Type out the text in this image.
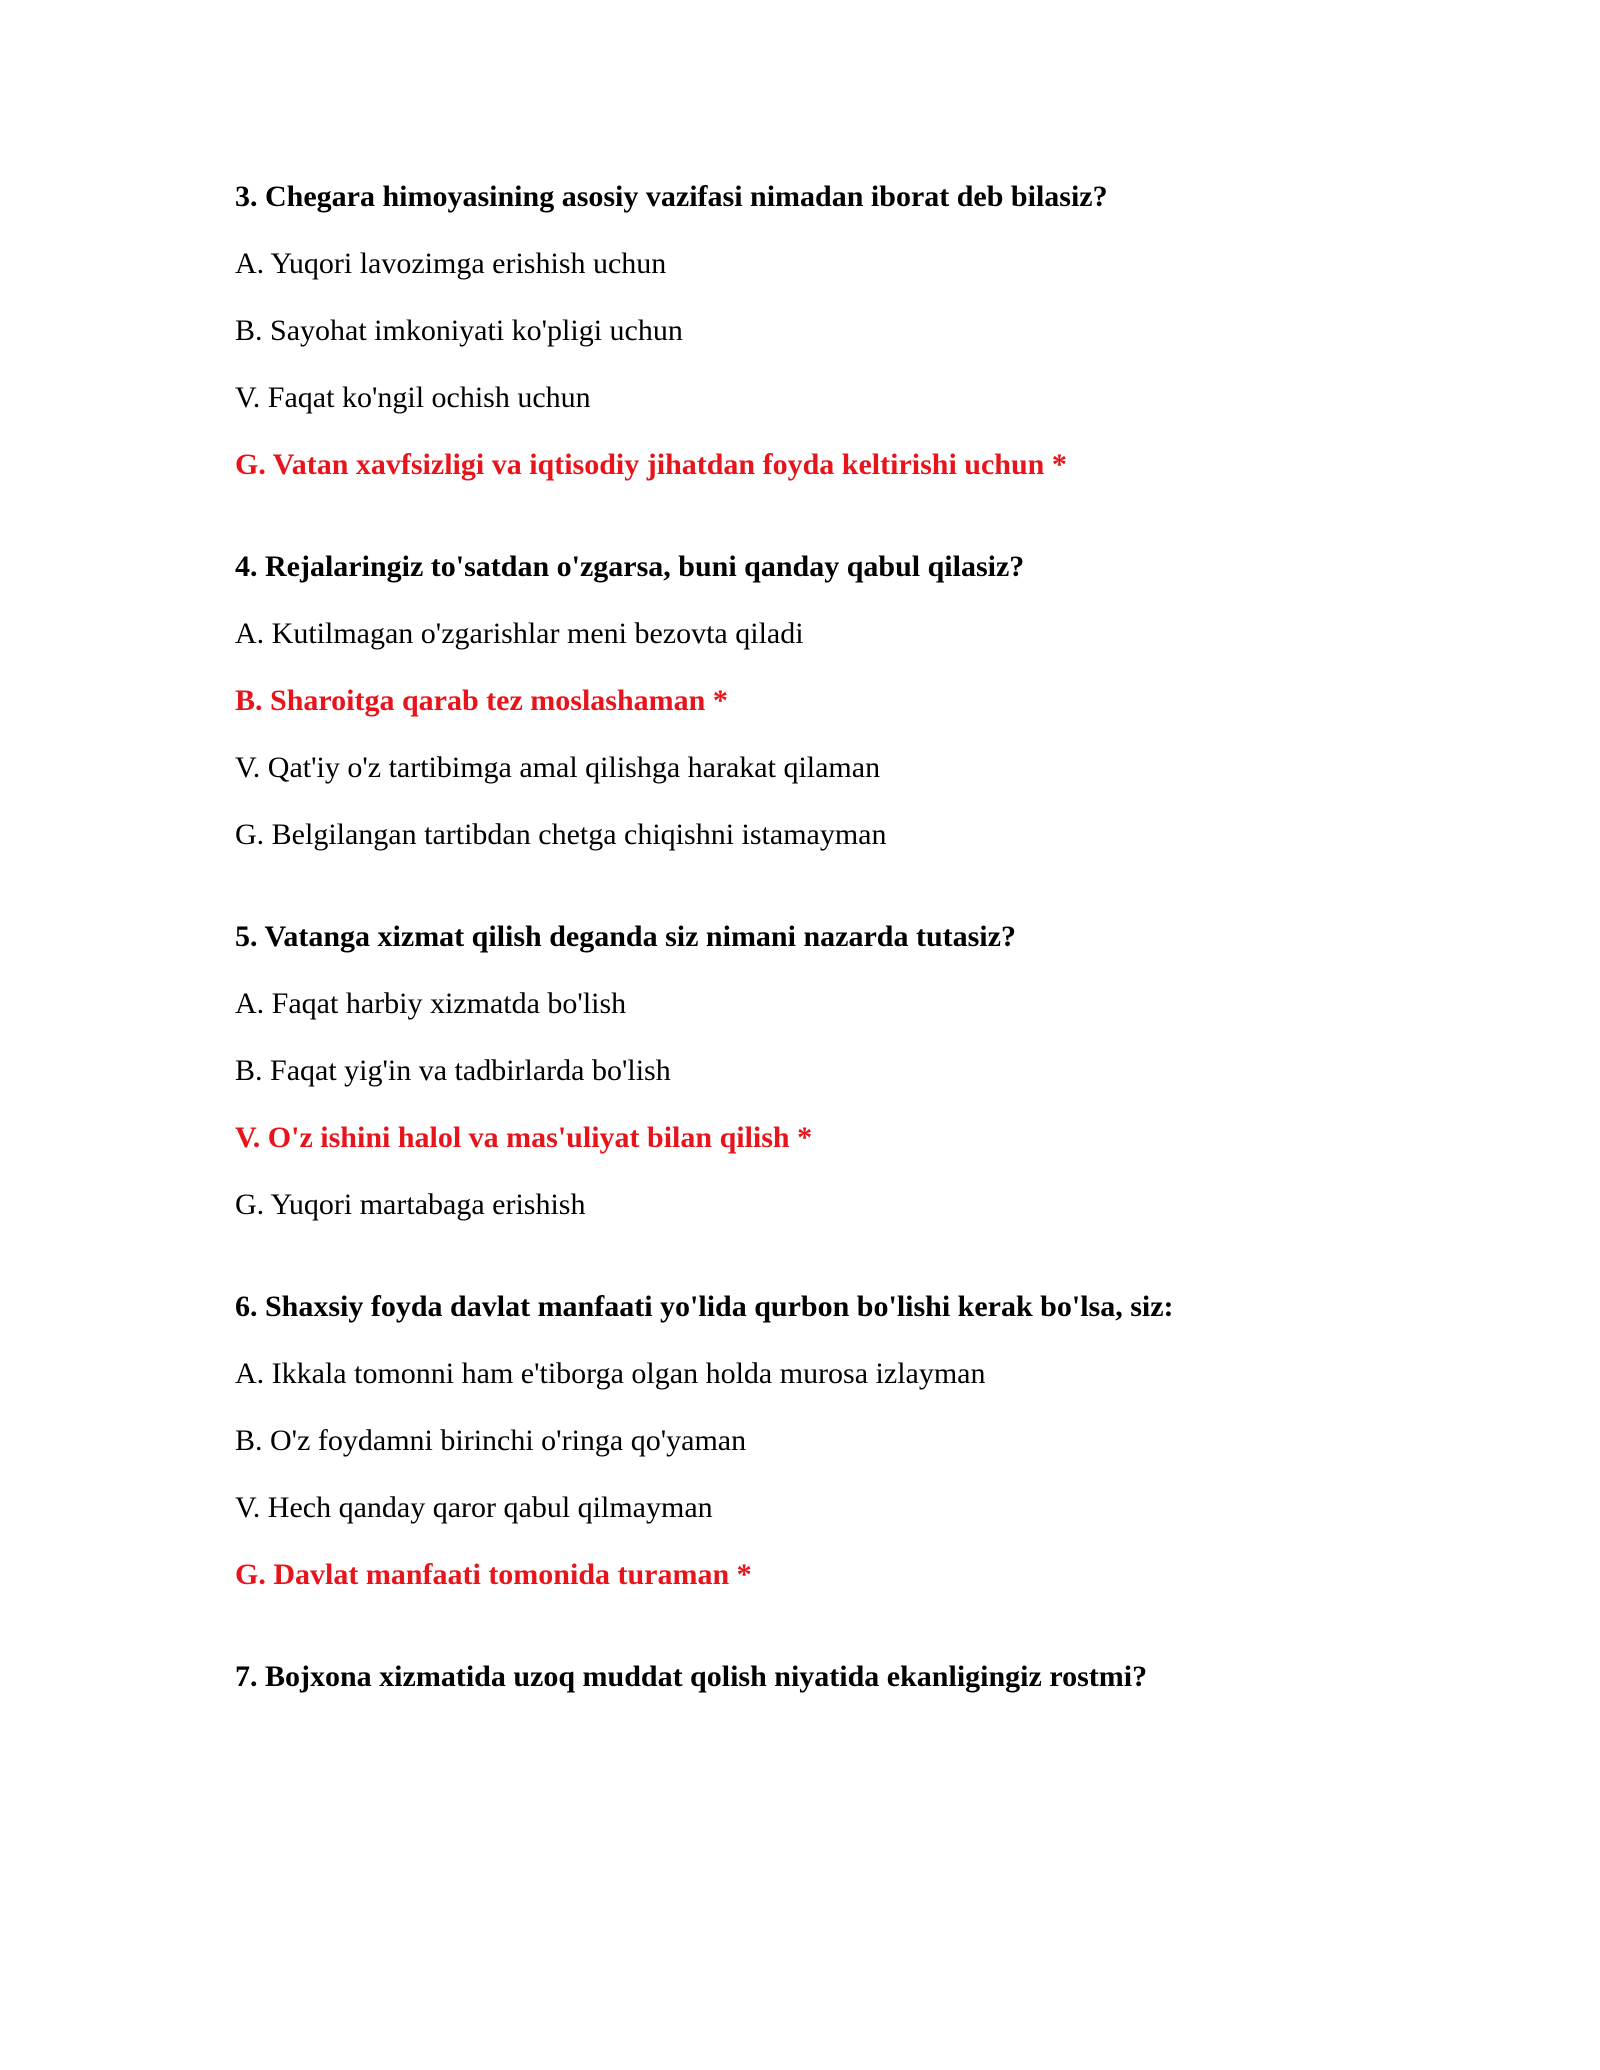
3. Chegara himoyasining asosiy vazifasi nimadan iborat deb bilasiz?

A. Yuqori lavozimga erishish uchun

B. Sayohat imkoniyati ko'pligi uchun

V. Faqat ko'ngil ochish uchun

G. Vatan xavfsizligi va iqtisodiy jihatdan foyda keltirishi uchun *

4. Rejalaringiz to'satdan o'zgarsa, buni qanday qabul qilasiz?

A. Kutilmagan o'zgarishlar meni bezovta qiladi

B. Sharoitga qarab tez moslashaman *

V. Qat'iy o'z tartibimga amal qilishga harakat qilaman

G. Belgilangan tartibdan chetga chiqishni istamayman

5. Vatanga xizmat qilish deganda siz nimani nazarda tutasiz?

A. Faqat harbiy xizmatda bo'lish

B. Faqat yig'in va tadbirlarda bo'lish

V. O'z ishini halol va mas'uliyat bilan qilish *

G. Yuqori martabaga erishish

6. Shaxsiy foyda davlat manfaati yo'lida qurbon bo'lishi kerak bo'lsa, siz:

A. Ikkala tomonni ham e'tiborga olgan holda murosa izlayman

B. O'z foydamni birinchi o'ringa qo'yaman

V. Hech qanday qaror qabul qilmayman

G. Davlat manfaati tomonida turaman *

7. Bojxona xizmatida uzoq muddat qolish niyatida ekanligingiz rostmi?
